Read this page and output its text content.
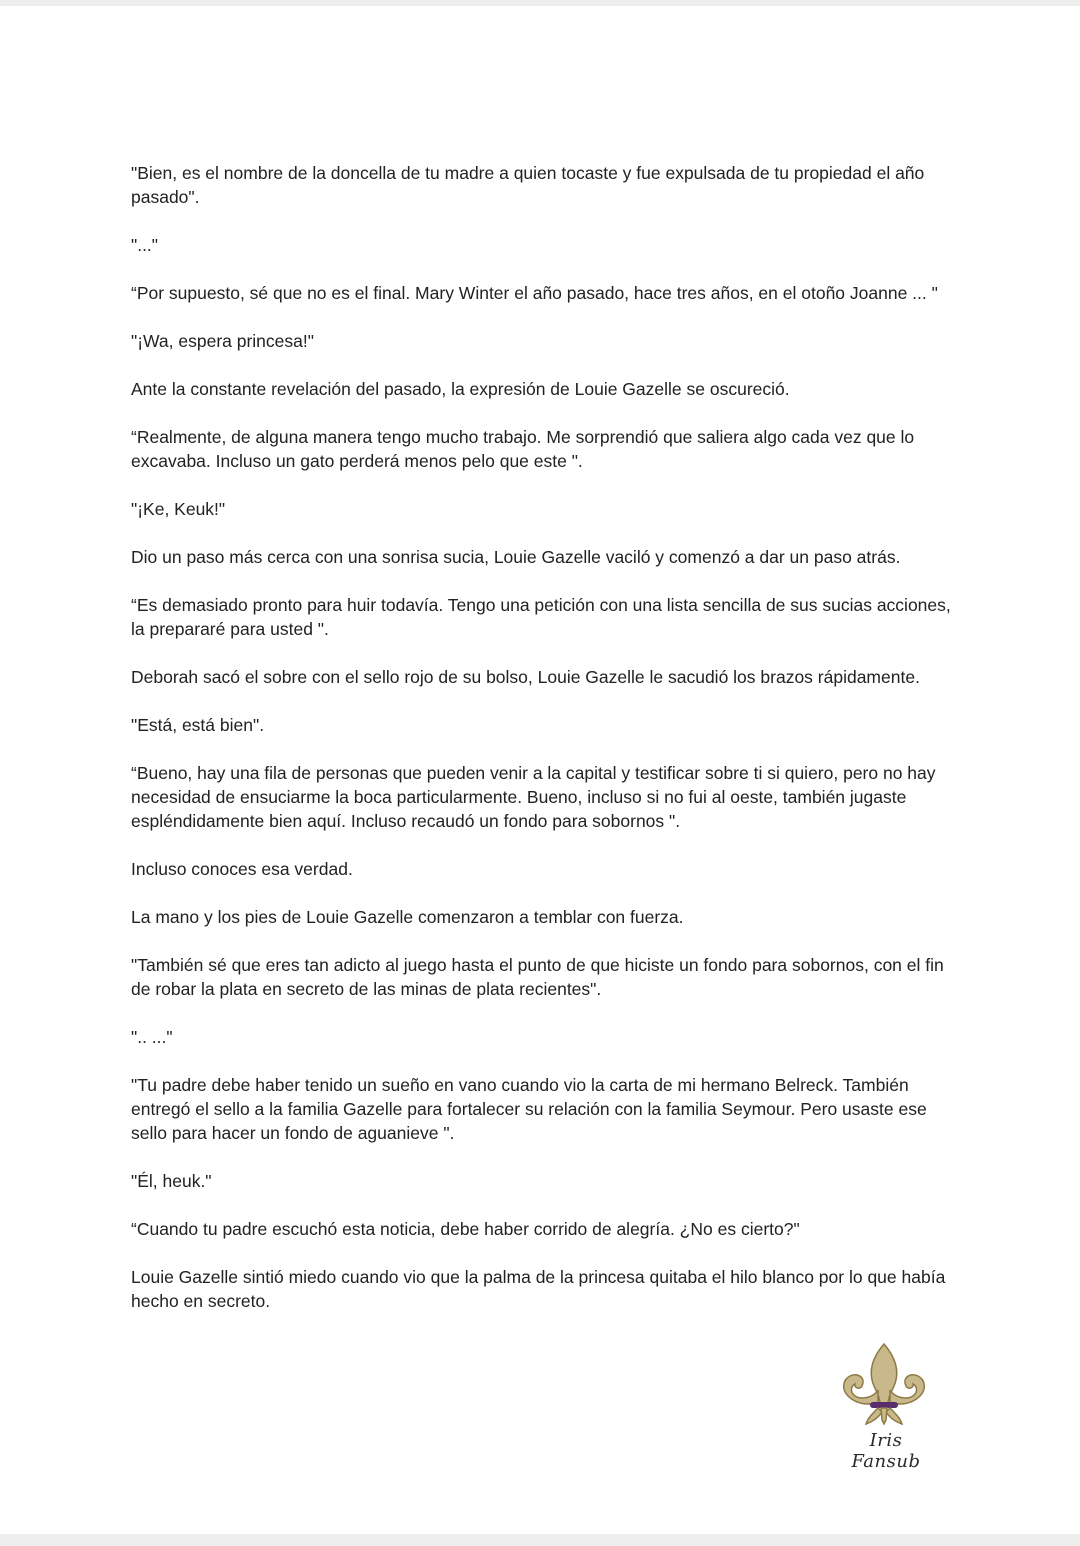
"Bien, es el nombre de la doncella de tu madre a quien tocaste y fue expulsada de tu propiedad el año pasado".

"..."

“Por supuesto, sé que no es el final. Mary Winter el año pasado, hace tres años, en el otoño Joanne ... "

"¡Wa, espera princesa!"

Ante la constante revelación del pasado, la expresión de Louie Gazelle se oscureció.

“Realmente, de alguna manera tengo mucho trabajo. Me sorprendió que saliera algo cada vez que lo excavaba. Incluso un gato perderá menos pelo que este ".

"¡Ke, Keuk!"

Dio un paso más cerca con una sonrisa sucia, Louie Gazelle vaciló y comenzó a dar un paso atrás.

“Es demasiado pronto para huir todavía. Tengo una petición con una lista sencilla de sus sucias acciones, la prepararé para usted ".

Deborah sacó el sobre con el sello rojo de su bolso, Louie Gazelle le sacudió los brazos rápidamente.

"Está, está bien".

“Bueno, hay una fila de personas que pueden venir a la capital y testificar sobre ti si quiero, pero no hay necesidad de ensuciarme la boca particularmente. Bueno, incluso si no fui al oeste, también jugaste espléndidamente bien aquí. Incluso recaudó un fondo para sobornos ".

Incluso conoces esa verdad.

La mano y los pies de Louie Gazelle comenzaron a temblar con fuerza.

"También sé que eres tan adicto al juego hasta el punto de que hiciste un fondo para sobornos, con el fin de robar la plata en secreto de las minas de plata recientes".

".. ..."

"Tu padre debe haber tenido un sueño en vano cuando vio la carta de mi hermano Belreck. También entregó el sello a la familia Gazelle para fortalecer su relación con la familia Seymour. Pero usaste ese sello para hacer un fondo de aguanieve ".

"Él, heuk."

“Cuando tu padre escuchó esta noticia, debe haber corrido de alegría. ¿No es cierto?"

Louie Gazelle sintió miedo cuando vio que la palma de la princesa quitaba el hilo blanco por lo que había hecho en secreto.

Iris Fansub
